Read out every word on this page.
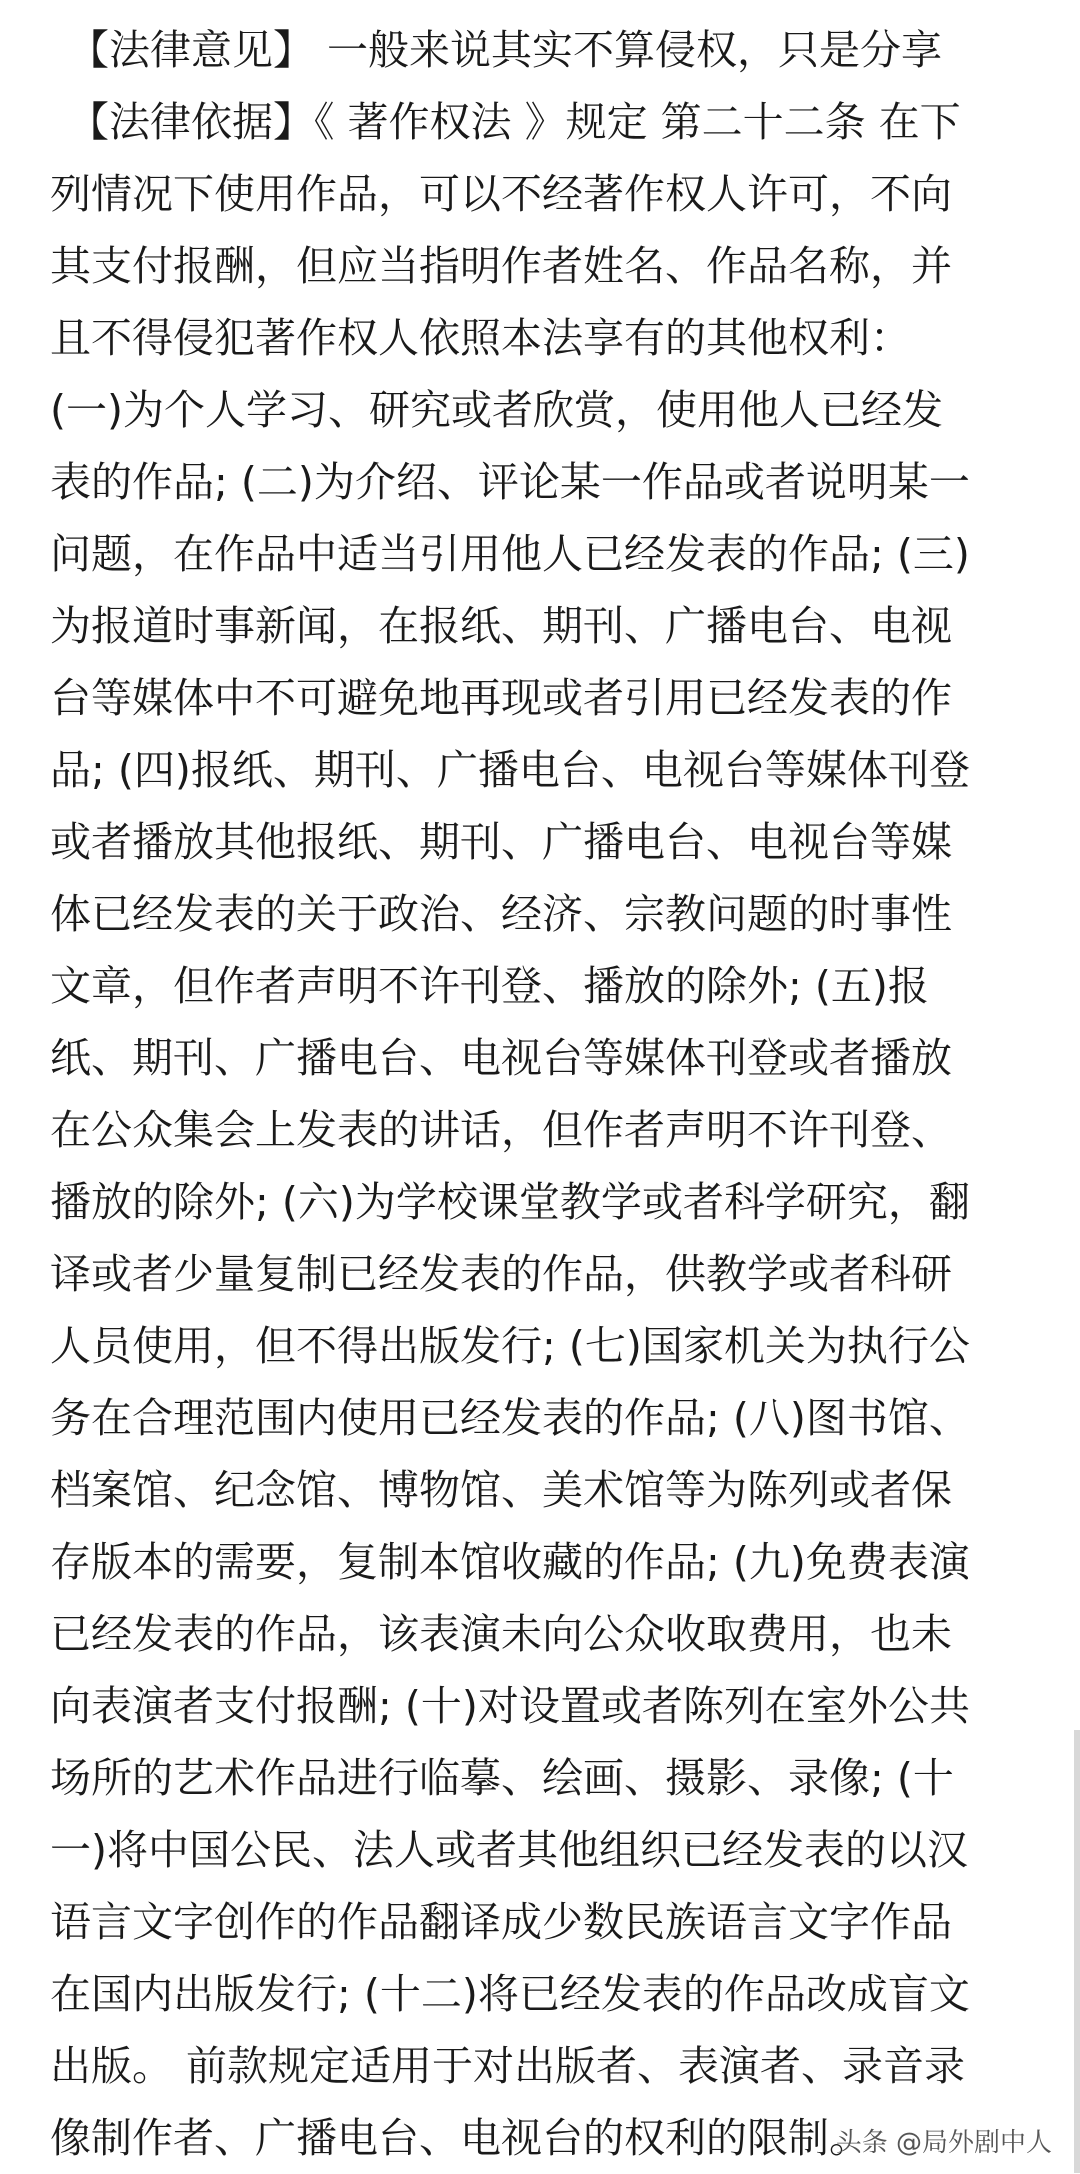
【法律意见】 一般来说其实不算侵权，只是分享
【法律依据】《 著作权法 》规定 第二十二条 在下
列情况下使用作品，可以不经著作权人许可，不向
其支付报酬，但应当指明作者姓名、作品名称，并
且不得侵犯著作权人依照本法享有的其他权利：
(一)为个人学习、研究或者欣赏，使用他人已经发
表的作品; (二)为介绍、评论某一作品或者说明某一
问题，在作品中适当引用他人已经发表的作品; (三)
为报道时事新闻，在报纸、期刊、广播电台、电视
台等媒体中不可避免地再现或者引用已经发表的作
品; (四)报纸、期刊、广播电台、电视台等媒体刊登
或者播放其他报纸、期刊、广播电台、电视台等媒
体已经发表的关于政治、经济、宗教问题的时事性
文章，但作者声明不许刊登、播放的除外; (五)报
纸、期刊、广播电台、电视台等媒体刊登或者播放
在公众集会上发表的讲话，但作者声明不许刊登、
播放的除外; (六)为学校课堂教学或者科学研究，翻
译或者少量复制已经发表的作品，供教学或者科研
人员使用，但不得出版发行; (七)国家机关为执行公
务在合理范围内使用已经发表的作品; (八)图书馆、
档案馆、纪念馆、博物馆、美术馆等为陈列或者保
存版本的需要，复制本馆收藏的作品; (九)免费表演
已经发表的作品，该表演未向公众收取费用，也未
向表演者支付报酬; (十)对设置或者陈列在室外公共
场所的艺术作品进行临摹、绘画、摄影、录像; (十
一)将中国公民、法人或者其他组织已经发表的以汉
语言文字创作的作品翻译成少数民族语言文字作品
在国内出版发行; (十二)将已经发表的作品改成盲文
出版。 前款规定适用于对出版者、表演者、录音录
像制作者、广播电台、电视台的权利的限制。
头条 @局外剧中人
